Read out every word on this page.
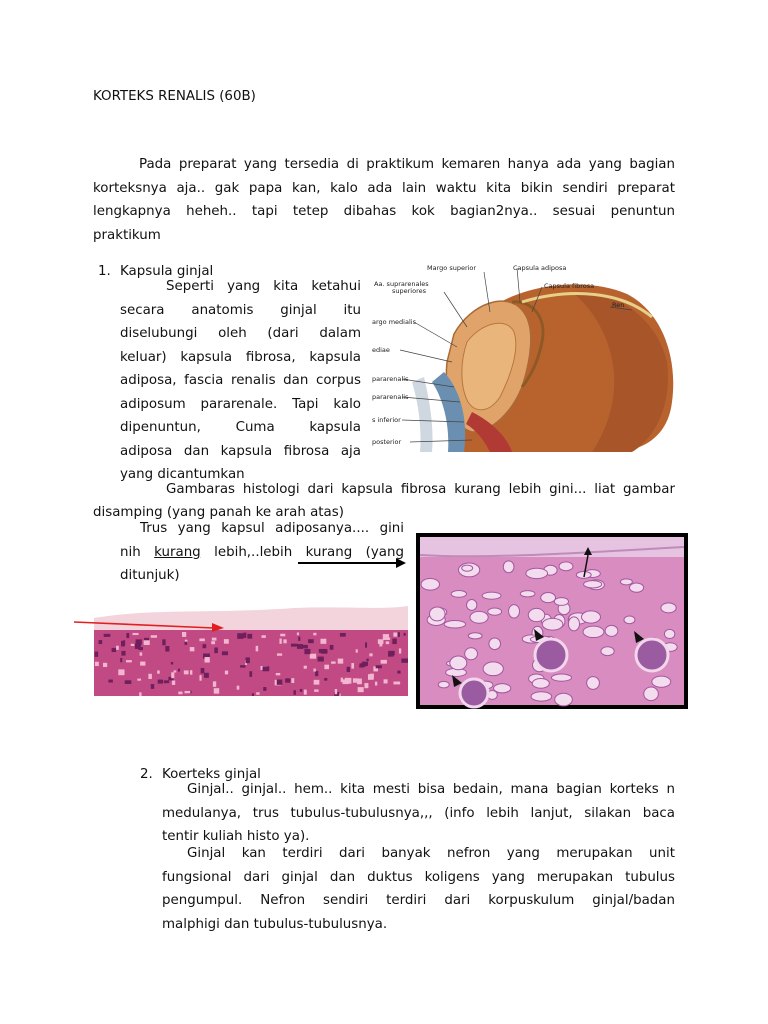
KORTEKS RENALIS (60B)
Pada preparat yang tersedia di praktikum kemaren hanya ada yang bagian
korteksnya aja.. gak papa kan, kalo ada lain waktu kita bikin sendiri preparat
lengkapnya heheh.. tapi tetep dibahas kok bagian2nya.. sesuai penuntun
praktikum
1. Kapsula ginjal
Seperti yang kita ketahui
secara anatomis ginjal itu
diselubungi oleh (dari dalam
keluar) kapsula fibrosa, kapsula
adiposa, fascia renalis dan corpus
adiposum pararenale. Tapi kalo
dipenuntun, Cuma kapsula
adiposa dan kapsula fibrosa aja
yang dicantumkan
Margo superior	Capsula adiposa
Aa. suprarenales
superiores
Capsula fibrosa
Ren
argo medialis
ediae
pararenalis
pararenalis
s inferior
posterior
Gambaras histologi dari kapsula fibrosa kurang lebih gini... liat gambar
disamping (yang panah ke arah atas)
Trus yang kapsul adiposanya.... gini
nih kurang lebih,..lebih kurang (yang
ditunjuk)
2. Koerteks ginjal
Ginjal.. ginjal.. hem.. kita mesti bisa bedain, mana bagian korteks n
medulanya, trus tubulus-tubulusnya,,, (info lebih lanjut, silakan baca
tentir kuliah histo ya).
Ginjal kan terdiri dari banyak nefron yang merupakan unit
fungsional dari ginjal dan duktus koligens yang merupakan tubulus
pengumpul. Nefron sendiri terdiri dari korpuskulum ginjal/badan
malphigi dan tubulus-tubulusnya.
